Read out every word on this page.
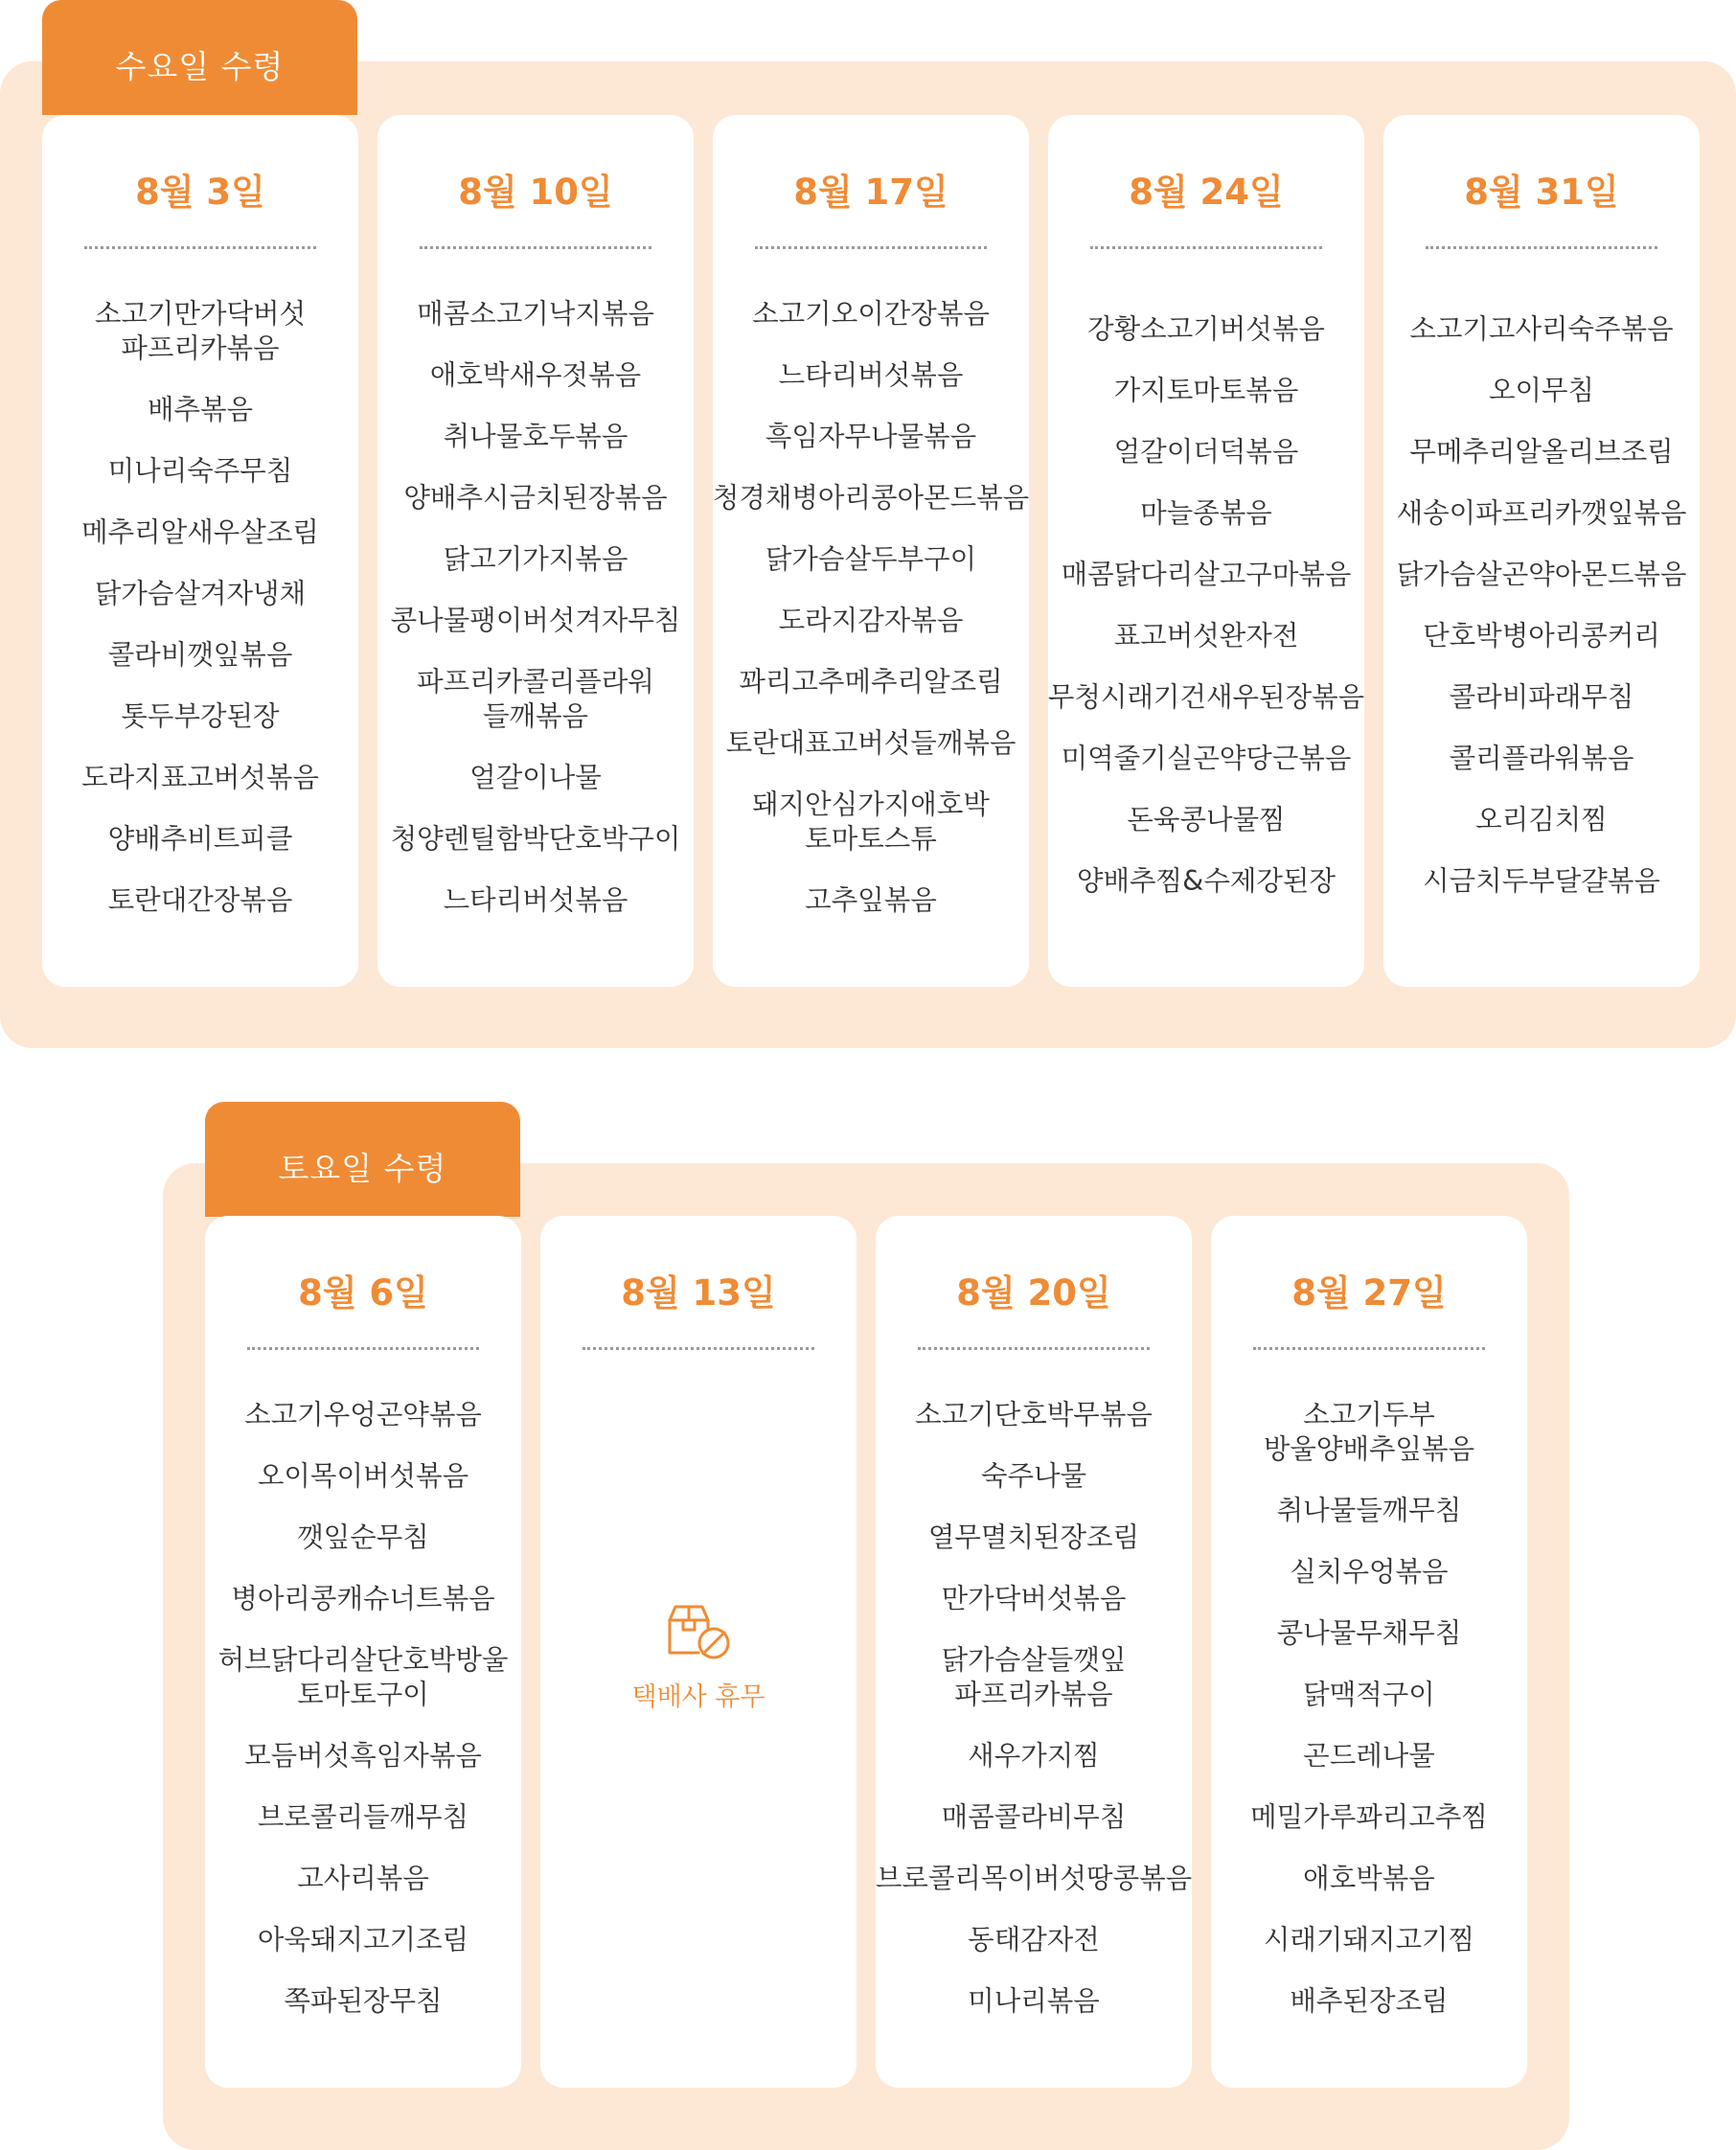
수요일 수령
8월 3일
소고기만가닥버섯
파프리카볶음
배추볶음
미나리숙주무침
메추리알새우살조림
닭가슴살겨자냉채
콜라비깻잎볶음
톳두부강된장
도라지표고버섯볶음
양배추비트피클
토란대간장볶음
8월 10일
매콤소고기낙지볶음
애호박새우젓볶음
취나물호두볶음
양배추시금치된장볶음
닭고기가지볶음
콩나물팽이버섯겨자무침
파프리카콜리플라워
들깨볶음
얼갈이나물
청양렌틸함박단호박구이
느타리버섯볶음
8월 17일
소고기오이간장볶음
느타리버섯볶음
흑임자무나물볶음
청경채병아리콩아몬드볶음
닭가슴살두부구이
도라지감자볶음
꽈리고추메추리알조림
토란대표고버섯들깨볶음
돼지안심가지애호박
토마토스튜
고추잎볶음
8월 24일
강황소고기버섯볶음
가지토마토볶음
얼갈이더덕볶음
마늘종볶음
매콤닭다리살고구마볶음
표고버섯완자전
무청시래기건새우된장볶음
미역줄기실곤약당근볶음
돈육콩나물찜
양배추찜&수제강된장
8월 31일
소고기고사리숙주볶음
오이무침
무메추리알올리브조림
새송이파프리카깻잎볶음
닭가슴살곤약아몬드볶음
단호박병아리콩커리
콜라비파래무침
콜리플라워볶음
오리김치찜
시금치두부달걀볶음
토요일 수령
8월 6일
소고기우엉곤약볶음
오이목이버섯볶음
깻잎순무침
병아리콩캐슈너트볶음
허브닭다리살단호박방울
토마토구이
모듬버섯흑임자볶음
브로콜리들깨무침
고사리볶음
아욱돼지고기조림
쪽파된장무침
8월 13일
택배사 휴무
8월 20일
소고기단호박무볶음
숙주나물
열무멸치된장조림
만가닥버섯볶음
닭가슴살들깻잎
파프리카볶음
새우가지찜
매콤콜라비무침
브로콜리목이버섯땅콩볶음
동태감자전
미나리볶음
8월 27일
소고기두부
방울양배추잎볶음
취나물들깨무침
실치우엉볶음
콩나물무채무침
닭맥적구이
곤드레나물
메밀가루꽈리고추찜
애호박볶음
시래기돼지고기찜
배추된장조림
